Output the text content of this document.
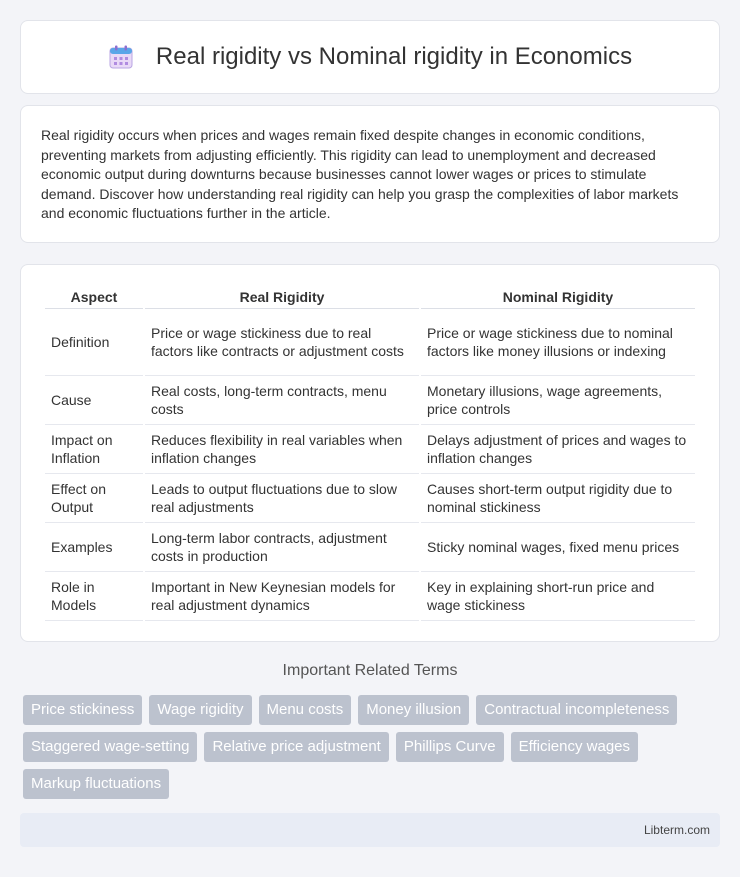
Real rigidity vs Nominal rigidity in Economics

Real rigidity occurs when prices and wages remain fixed despite changes in economic conditions, preventing markets from adjusting efficiently. This rigidity can lead to unemployment and decreased economic output during downturns because businesses cannot lower wages or prices to stimulate demand. Discover how understanding real rigidity can help you grasp the complexities of labor markets and economic fluctuations further in the article.

Aspect	Real Rigidity	Nominal Rigidity
Definition	Price or wage stickiness due to real factors like contracts or adjustment costs	Price or wage stickiness due to nominal factors like money illusions or indexing
Cause	Real costs, long-term contracts, menu costs	Monetary illusions, wage agreements, price controls
Impact on Inflation	Reduces flexibility in real variables when inflation changes	Delays adjustment of prices and wages to inflation changes
Effect on Output	Leads to output fluctuations due to slow real adjustments	Causes short-term output rigidity due to nominal stickiness
Examples	Long-term labor contracts, adjustment costs in production	Sticky nominal wages, fixed menu prices
Role in Models	Important in New Keynesian models for real adjustment dynamics	Key in explaining short-run price and wage stickiness
Important Related Terms
Price stickiness	Wage rigidity	Menu costs	Money illusion	Contractual incompleteness
Staggered wage-setting	Relative price adjustment	Phillips Curve	Efficiency wages
Markup fluctuations
Libterm.com
